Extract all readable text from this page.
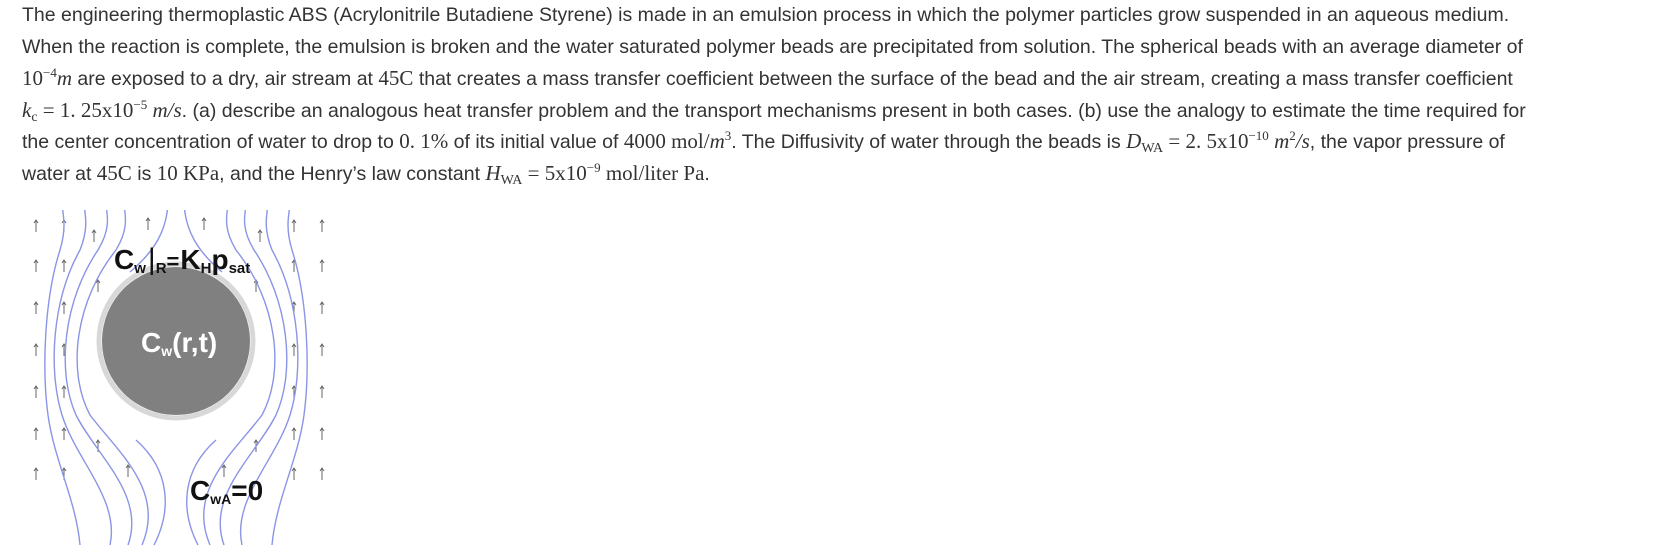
The engineering thermoplastic ABS (Acrylonitrile Butadiene Styrene) is made in an emulsion process in which the polymer particles grow suspended in an aqueous medium.
When the reaction is complete, the emulsion is broken and the water saturated polymer beads are precipitated from solution. The spherical beads with an average diameter of
$10^{-4}m$ are exposed to a dry, air stream at 45C that creates a mass transfer coefficient between the surface of the bead and the air stream, creating a mass transfer coefficient
$k_c = 1$. $25x10^{-5}$ m/s. (a) describe an analogous heat transfer problem and the transport mechanisms present in both cases. (b) use the analogy to estimate the time required for
the center concentration of water to drop to 0. 1% of its initial value of 4000 mol/$m^3$. The Diffusivity of water through the beads is $D_{WA} = 2$. $5x10^{-10}$ $m^2/s$, the vapor pressure of
water at 45C is 10 KPa, and the Henry’s law constant $H_{WA} = 5x10^{-9}$ mol/liter Pa.
Cw|R=KHpsat
Cw(r,t)
CwA=0
